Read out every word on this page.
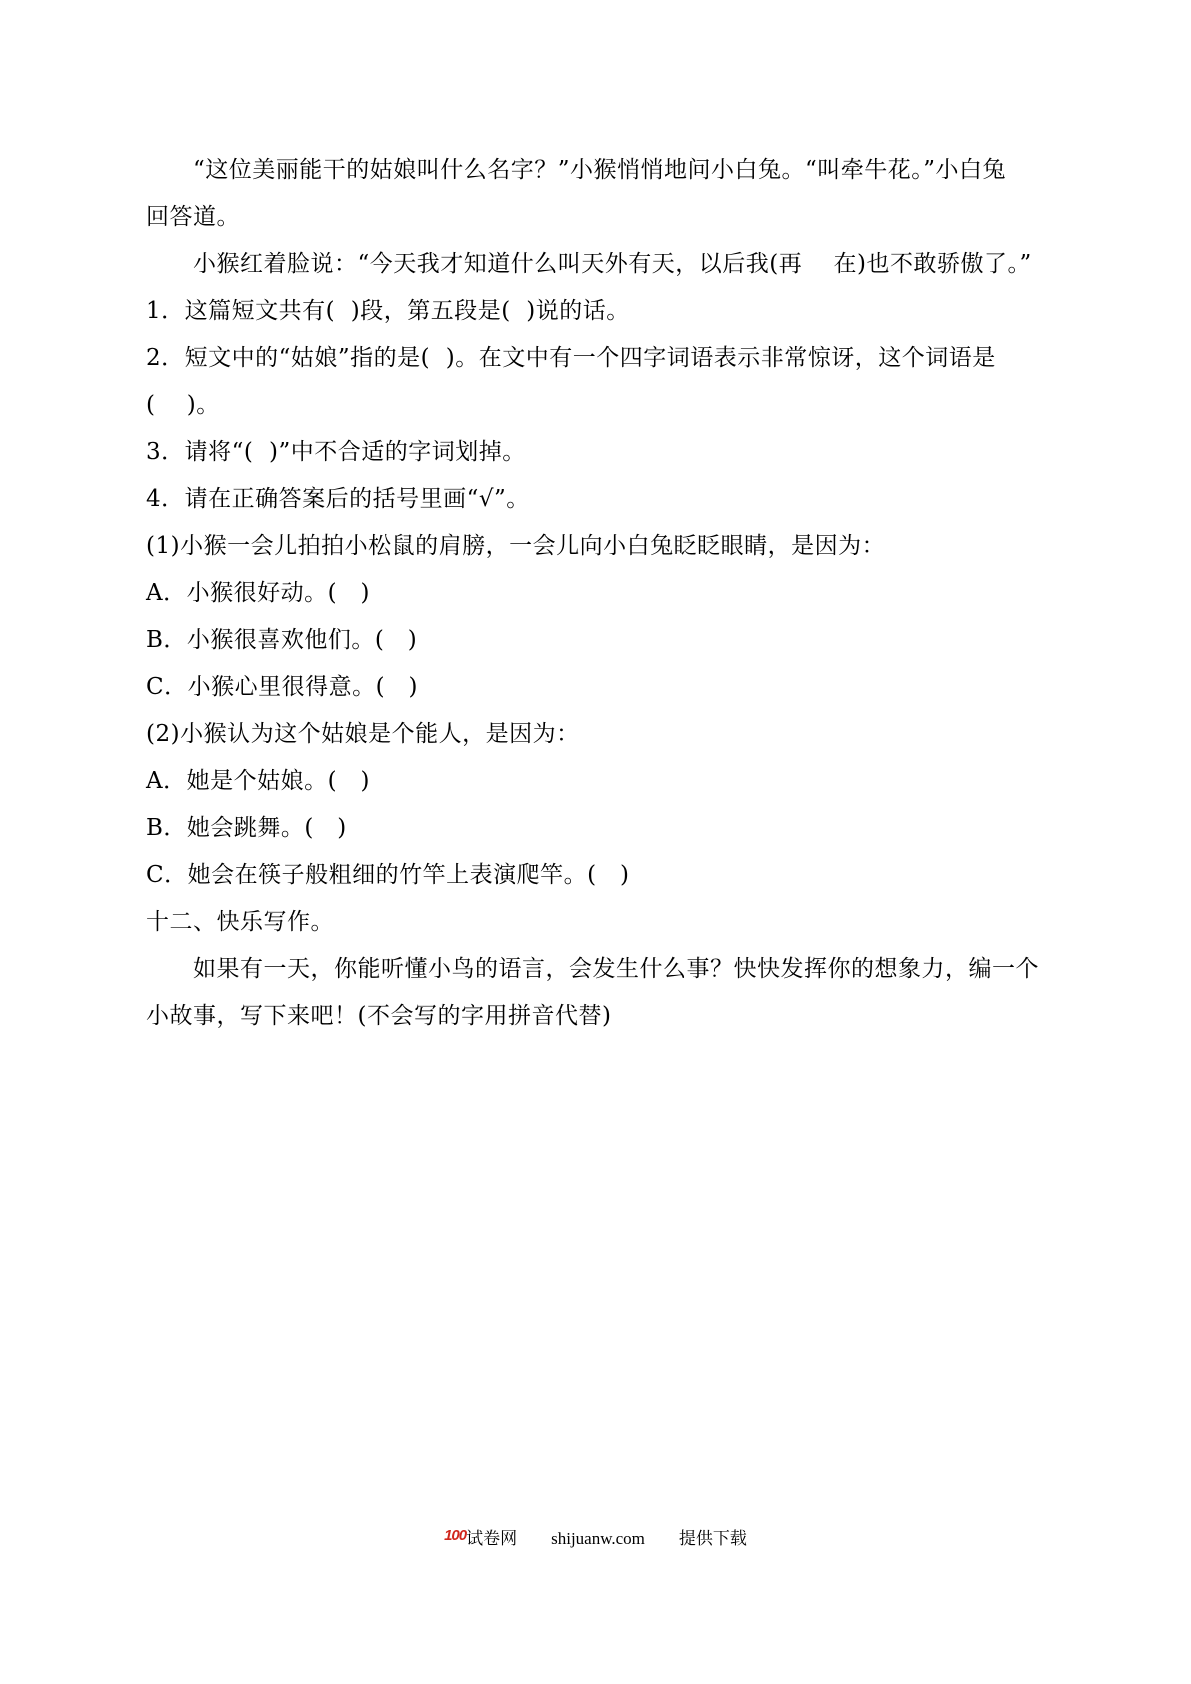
“这位美丽能干的姑娘叫什么名字？”小猴悄悄地问小白兔。“叫牵牛花。”小白兔
回答道。
小猴红着脸说：“今天我才知道什么叫天外有天，以后我(再    在)也不敢骄傲了。”
1．这篇短文共有(  )段，第五段是(  )说的话。
2．短文中的“姑娘”指的是(  )。在文中有一个四字词语表示非常惊讶，这个词语是
(    )。
3．请将“(  )”中不合适的字词划掉。
4．请在正确答案后的括号里画“√”。
(1)小猴一会儿拍拍小松鼠的肩膀，一会儿向小白兔眨眨眼睛，是因为：
A．小猴很好动。(   )
B．小猴很喜欢他们。(   )
C．小猴心里很得意。(   )
(2)小猴认为这个姑娘是个能人，是因为：
A．她是个姑娘。(   )
B．她会跳舞。(   )
C．她会在筷子般粗细的竹竿上表演爬竿。(   )
十二、快乐写作。
如果有一天，你能听懂小鸟的语言，会发生什么事？快快发挥你的想象力，编一个
小故事，写下来吧！(不会写的字用拼音代替)
100试卷网 shijuanw.com 提供下载
